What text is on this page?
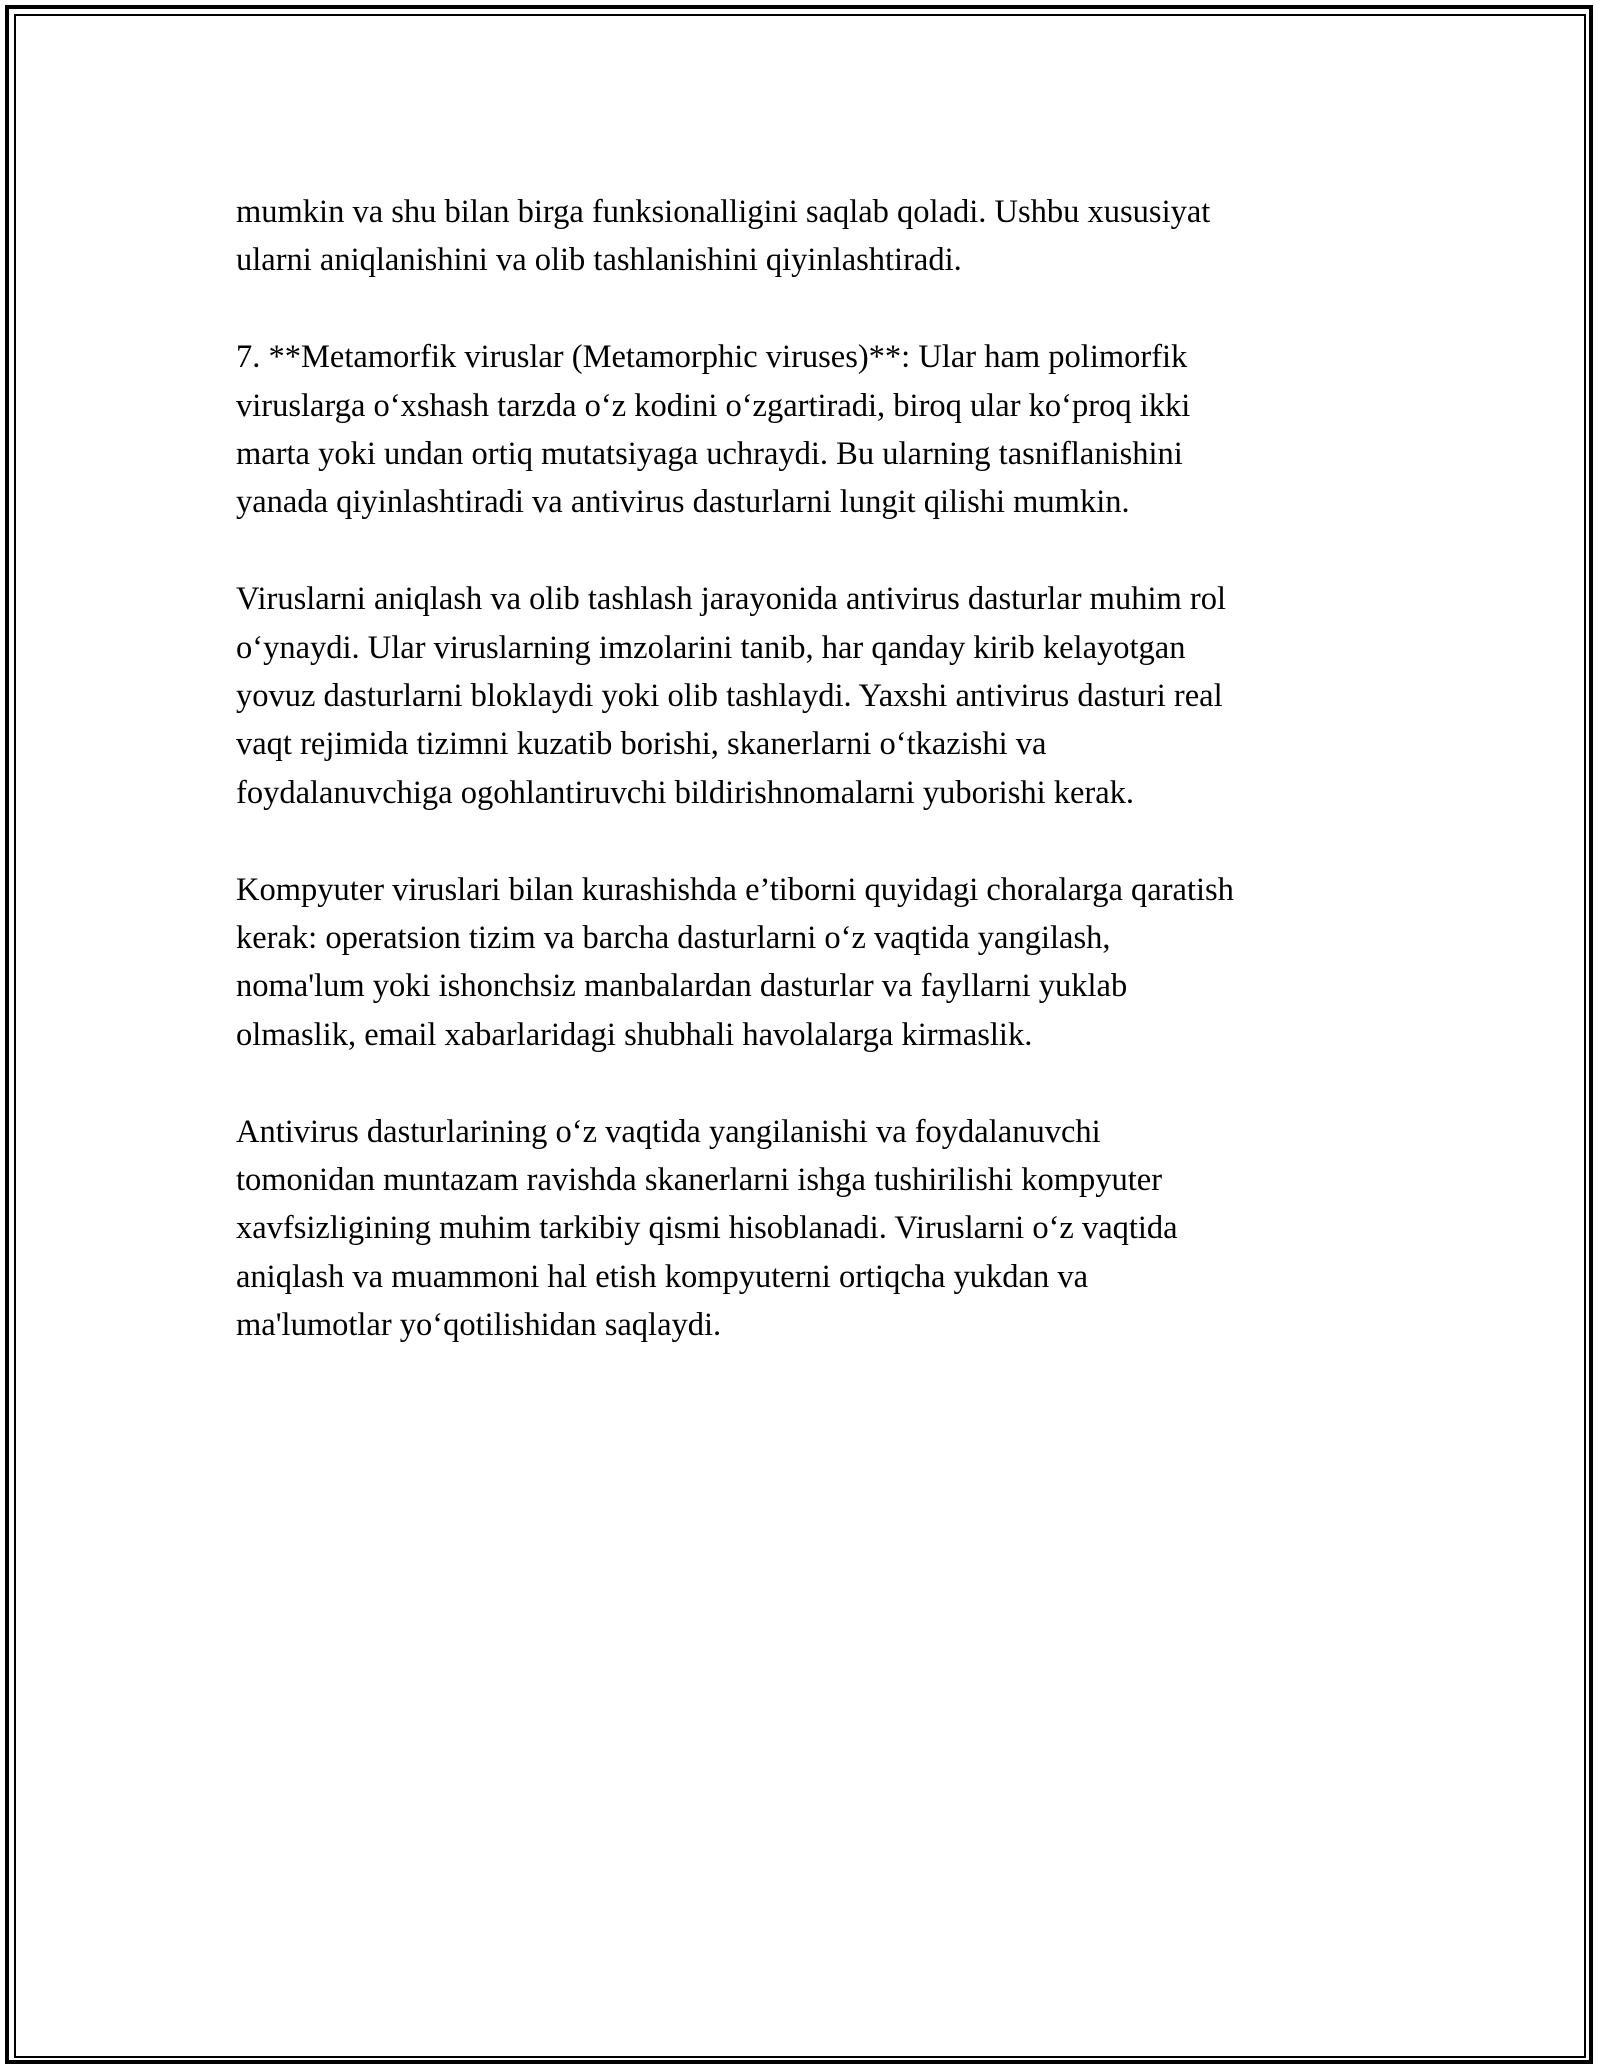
mumkin va shu bilan birga funksionalligini saqlab qoladi. Ushbu xususiyat
ularni aniqlanishini va olib tashlanishini qiyinlashtiradi.

7. **Metamorfik viruslar (Metamorphic viruses)**: Ular ham polimorfik
viruslarga o‘xshash tarzda o‘z kodini o‘zgartiradi, biroq ular ko‘proq ikki
marta yoki undan ortiq mutatsiyaga uchraydi. Bu ularning tasniflanishini
yanada qiyinlashtiradi va antivirus dasturlarni lungit qilishi mumkin.

Viruslarni aniqlash va olib tashlash jarayonida antivirus dasturlar muhim rol
o‘ynaydi. Ular viruslarning imzolarini tanib, har qanday kirib kelayotgan
yovuz dasturlarni bloklaydi yoki olib tashlaydi. Yaxshi antivirus dasturi real
vaqt rejimida tizimni kuzatib borishi, skanerlarni o‘tkazishi va
foydalanuvchiga ogohlantiruvchi bildirishnomalarni yuborishi kerak.

Kompyuter viruslari bilan kurashishda e’tiborni quyidagi choralarga qaratish
kerak: operatsion tizim va barcha dasturlarni o‘z vaqtida yangilash,
noma'lum yoki ishonchsiz manbalardan dasturlar va fayllarni yuklab
olmaslik, email xabarlaridagi shubhali havolalarga kirmaslik.

Antivirus dasturlarining o‘z vaqtida yangilanishi va foydalanuvchi
tomonidan muntazam ravishda skanerlarni ishga tushirilishi kompyuter
xavfsizligining muhim tarkibiy qismi hisoblanadi. Viruslarni o‘z vaqtida
aniqlash va muammoni hal etish kompyuterni ortiqcha yukdan va
ma'lumotlar yo‘qotilishidan saqlaydi.
